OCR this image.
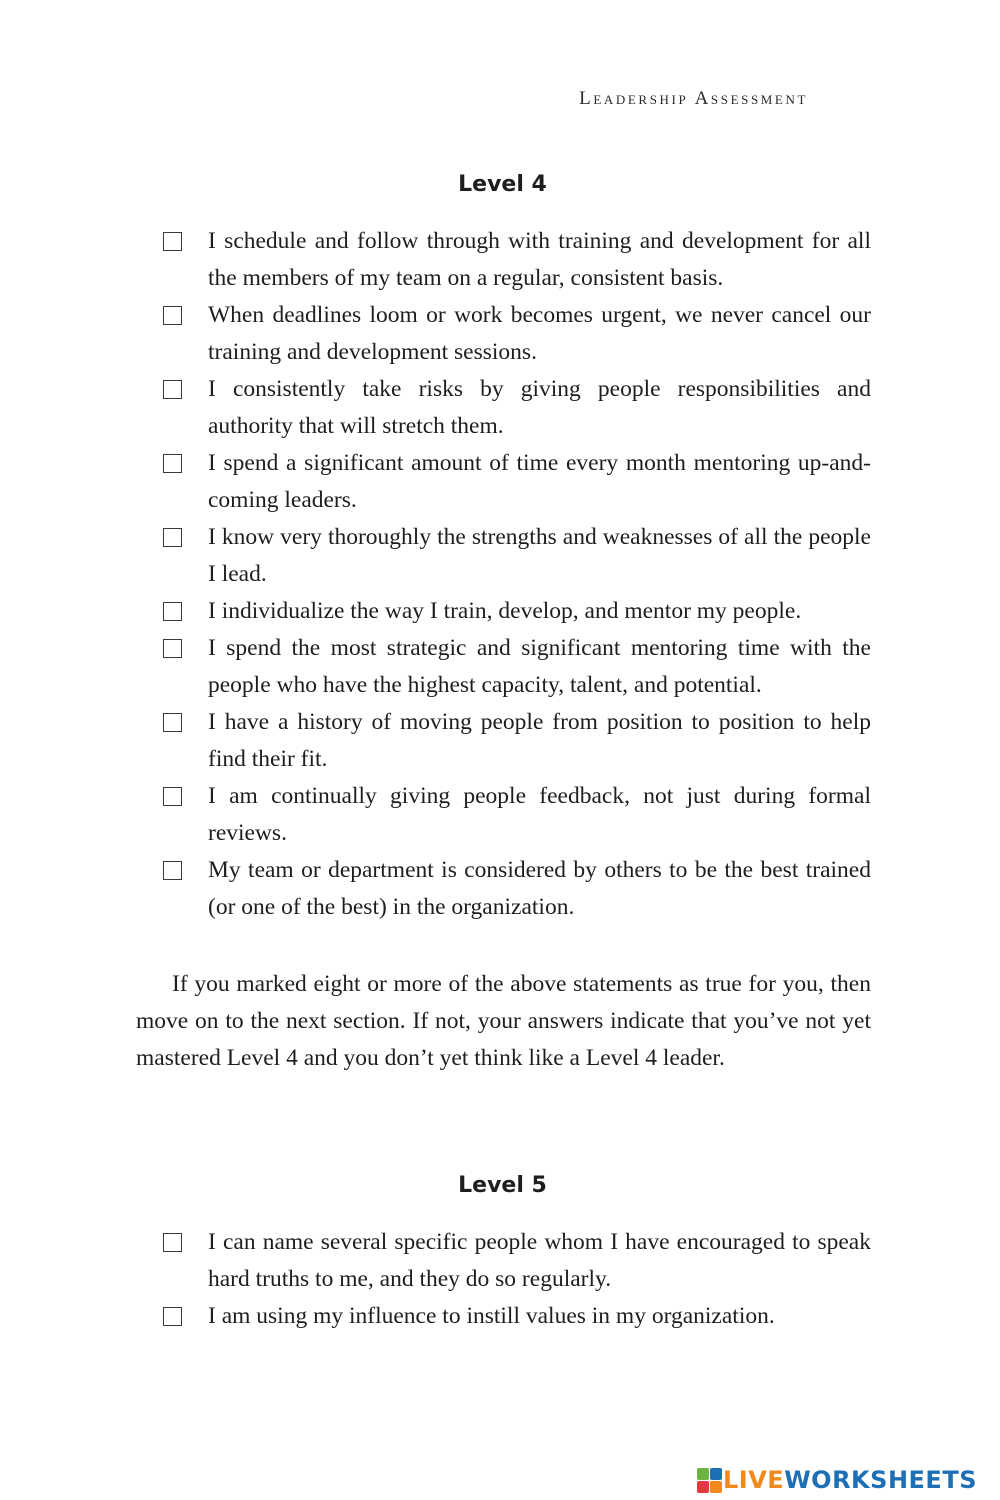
Leadership Assessment
Level 4
I schedule and follow through with training and development for all the members of my team on a regular, consistent basis.
When deadlines loom or work becomes urgent, we never cancel our training and development sessions.
I consistently take risks by giving people responsibilities and authority that will stretch them.
I spend a significant amount of time every month mentoring up-and-coming leaders.
I know very thoroughly the strengths and weaknesses of all the people I lead.
I individualize the way I train, develop, and mentor my people.
I spend the most strategic and significant mentoring time with the people who have the highest capacity, talent, and potential.
I have a history of moving people from position to position to help find their fit.
I am continually giving people feedback, not just during formal reviews.
My team or department is considered by others to be the best trained (or one of the best) in the organization.

If you marked eight or more of the above statements as true for you, then move on to the next section. If not, your answers indicate that you’ve not yet mastered Level 4 and you don’t yet think like a Level 4 leader.

Level 5
I can name several specific people whom I have encouraged to speak hard truths to me, and they do so regularly.
I am using my influence to instill values in my organization.
LIVEWORKSHEETS
